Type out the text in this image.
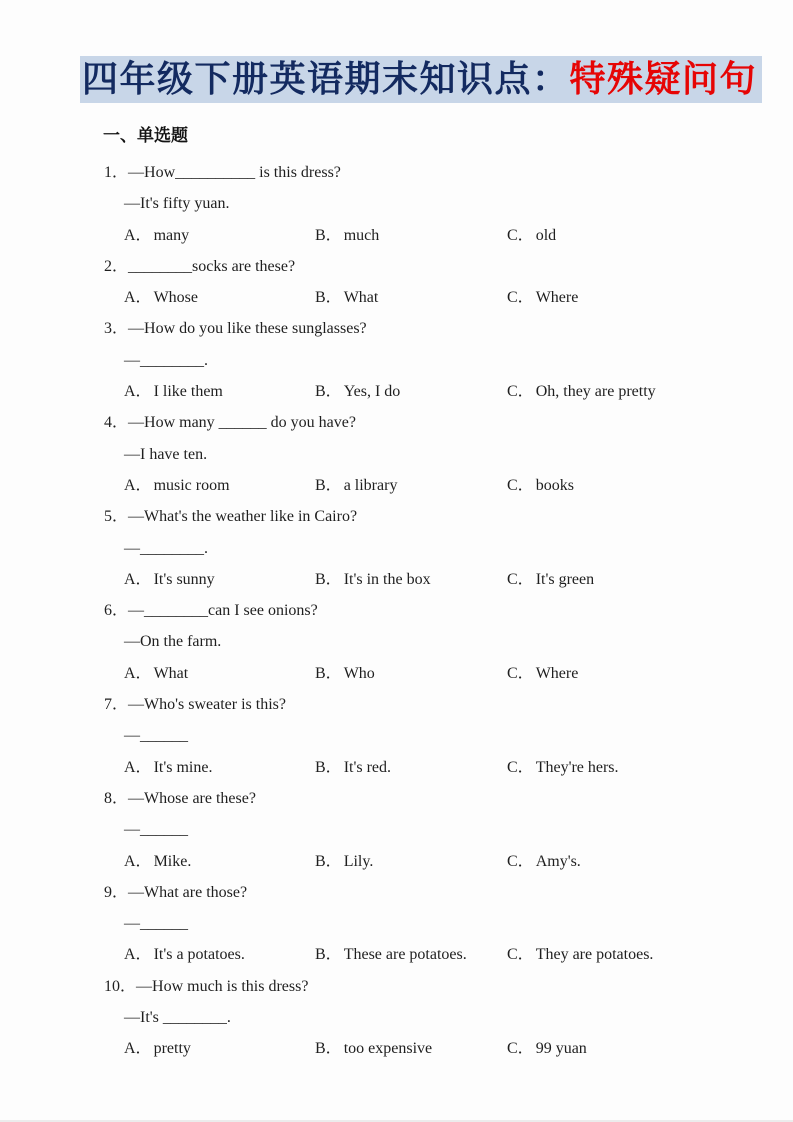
四年级下册英语期末知识点：特殊疑问句
一、单选题
1．—How__________ is this dress?
—It's fifty yuan.
A． many	B． much	C． old
2．________socks are these?
A． Whose	B． What	C． Where
3．—How do you like these sunglasses?
—________.
A． I like them	B． Yes, I do	C． Oh, they are pretty
4．—How many ______ do you have?
—I have ten.
A． music room	B． a library	C． books
5．—What's the weather like in Cairo?
—________.
A． It's sunny	B． It's in the box	C． It's green
6．—________can I see onions?
—On the farm.
A． What	B． Who	C． Where
7．—Who's sweater is this?
—______
A． It's mine.	B． It's red.	C． They're hers.
8．—Whose are these?
—______
A． Mike.	B． Lily.	C． Amy's.
9．—What are those?
—______
A． It's a potatoes.	B． These are potatoes.	C． They are potatoes.
10．—How much is this dress?
—It's ________.
A． pretty	B． too expensive	C． 99 yuan
